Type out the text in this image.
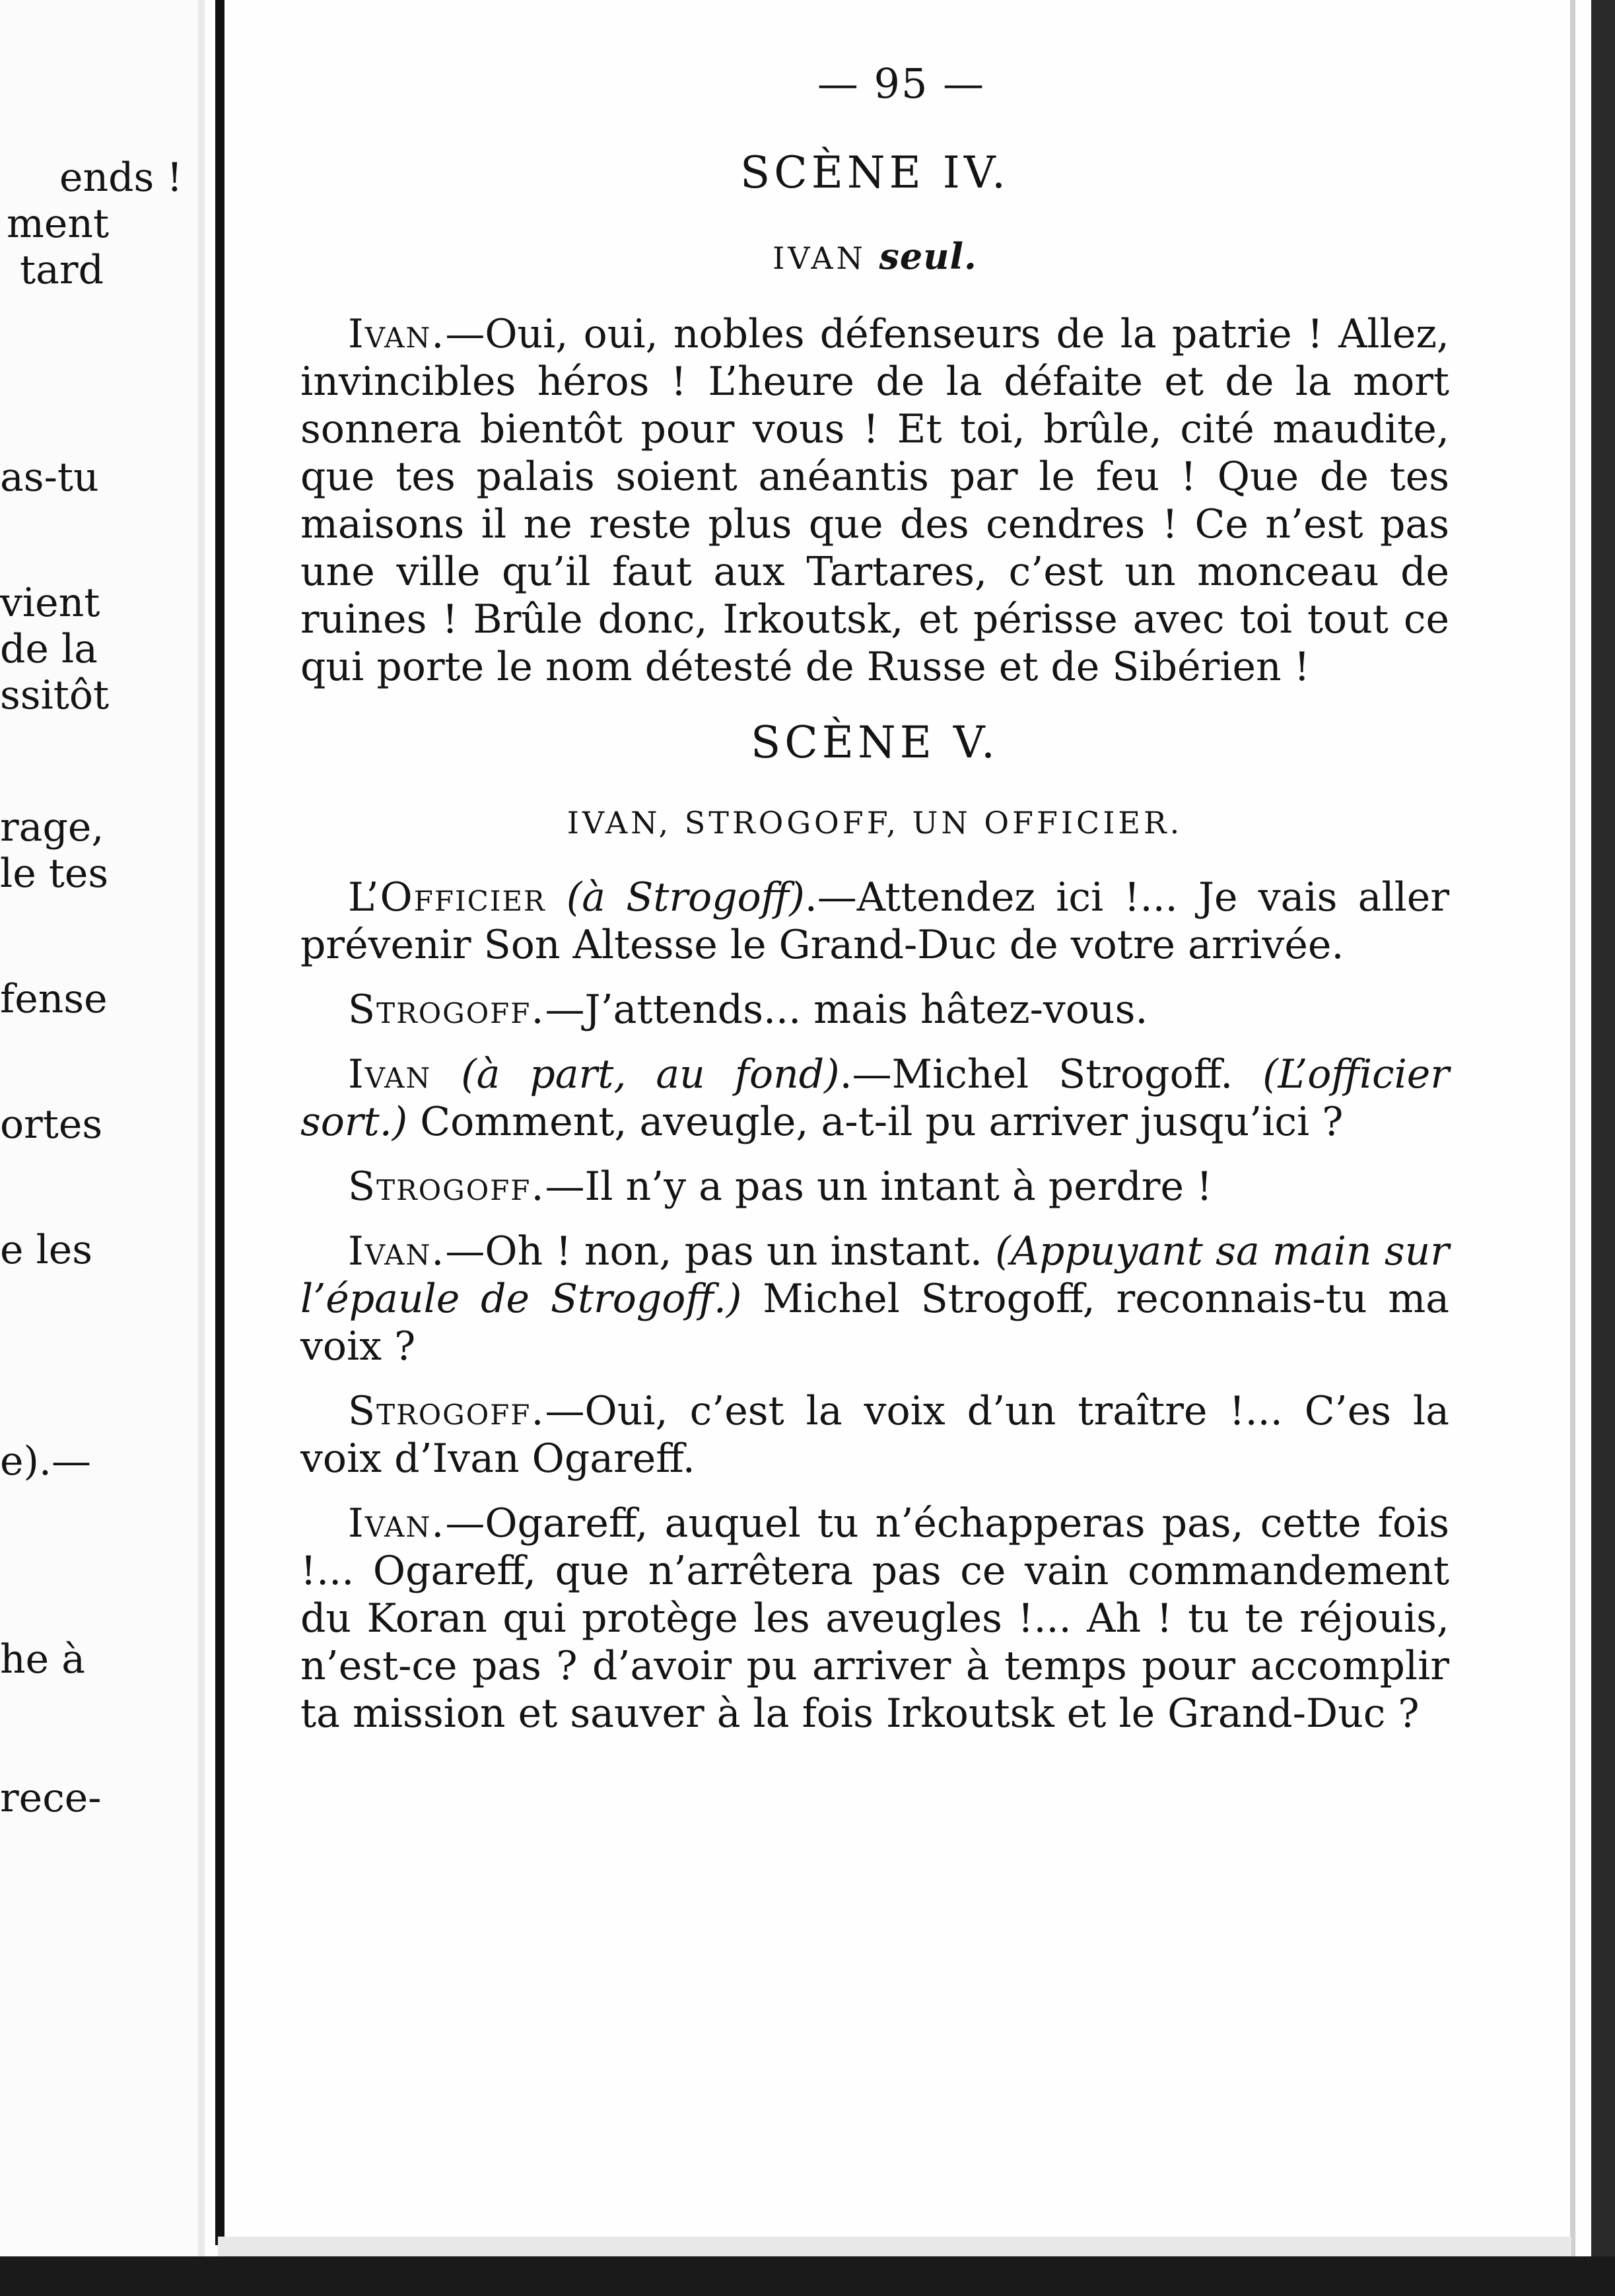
ends !
ment
tard
as-tu
vient
de la
ssitôt
rage,
le tes
fense
ortes
e les
e).—
he à
rece-
— 95 —
SCÈNE IV.
IVAN seul.

Ivan.—Oui, oui, nobles défenseurs de la patrie ! Allez, invincibles héros ! L’heure de la défaite et de la mort sonnera bientôt pour vous ! Et toi, brûle, cité maudite, que tes palais soient anéantis par le feu ! Que de tes maisons il ne reste plus que des cendres ! Ce n’est pas une ville qu’il faut aux Tartares, c’est un monceau de ruines ! Brûle donc, Irkoutsk, et périsse avec toi tout ce qui porte le nom détesté de Russe et de Sibérien !

SCÈNE V.
IVAN, STROGOFF, UN OFFICIER.

L’Officier (à Strogoff).—Attendez ici !... Je vais aller prévenir Son Altesse le Grand-Duc de votre arrivée.

Strogoff.—J’attends... mais hâtez-vous.

Ivan (à part, au fond).—Michel Strogoff. (L’officier sort.) Comment, aveugle, a-t-il pu arriver jusqu’ici ?

Strogoff.—Il n’y a pas un intant à perdre !

Ivan.—Oh ! non, pas un instant. (Appuyant sa main sur l’épaule de Strogoff.) Michel Strogoff, reconnais-tu ma voix ?

Strogoff.—Oui, c’est la voix d’un traître !... C’es la voix d’Ivan Ogareff.

Ivan.—Ogareff, auquel tu n’échapperas pas, cette fois !... Ogareff, que n’arrêtera pas ce vain commandement du Koran qui protège les aveugles !... Ah ! tu te réjouis, n’est-ce pas ? d’avoir pu arriver à temps pour accomplir ta mission et sauver à la fois Irkoutsk et le Grand-Duc ?
